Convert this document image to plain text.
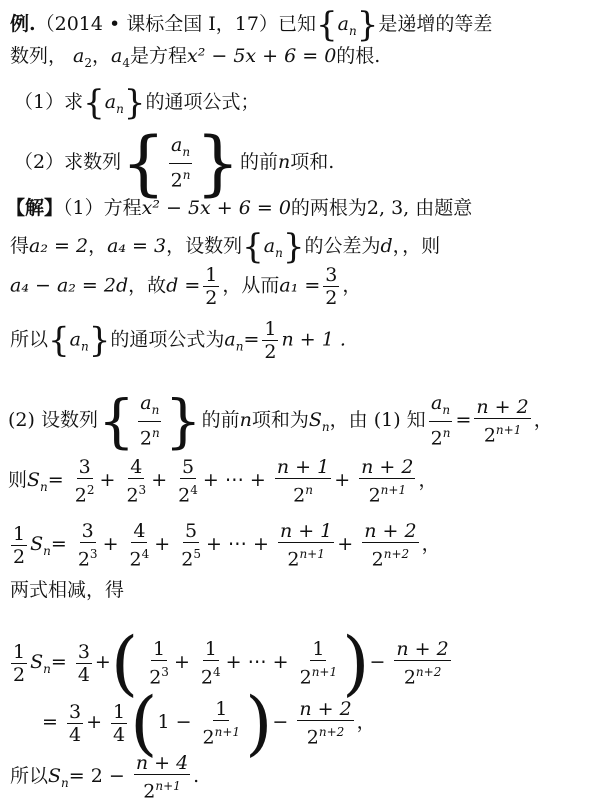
例.（2014 • 课标全国 I，17）已知$\{a_n\}$是递增的等差
数列， $a_2$，$a_4$是方程x² − 5x + 6 = 0的根.
（1）求$\{a_n\}$的通项公式；
（2）求数列{ $\frac{a_n}{2^n}$ }的前n项和.
【解】（1）方程x² − 5x + 6 = 0的两根为2, 3, 由题意
得a₂ = 2，a₄ = 3，设数列$\{a_n\}$的公差为d，，则
a₄ − a₂ = 2d，故$d = \frac{1}{2}$ ，从而$a_1 = \frac{3}{2}$ ，
所以$\{a_n\}$的通项公式为$a_n= \frac{1}{2}$ n + 1 .
(2) 设数列{ $\frac{a_n}{2^n}$ }的前n项和为$S_n$，由 (1) 知 $\frac{a_n}{2^n} = \frac{n + 2}{2^{n+1}}$ ，
则$S_n= \frac{3}{2^2} + \frac{4}{2^3} + \frac{5}{2^4}$ + ⋯ + $\frac{n + 1}{2^n} + \frac{n + 2}{2^{n+1}}$ ，
$\frac{1}{2} S_n= \frac{3}{2^3} + \frac{4}{2^4} + \frac{5}{2^5}$ + ⋯ + $\frac{n + 1}{2^{n+1}} + \frac{n + 2}{2^{n+2}}$ ，
两式相减，得
$\frac{1}{2} S_n= \frac{3}{4}$ +( $\frac{1}{2^3} + \frac{1}{2^4}$ + ⋯ + $\frac{1}{2^{n+1}}$ )− $\frac{n + 2}{2^{n+2}}$
= $\frac{3}{4} + \frac{1}{4} (1 - \frac{1}{2^{n+1}}$ )− $\frac{n + 2}{2^{n+2}}$ ，
所以$S_n= 2 - \frac{n + 4}{2^{n+1}}$ .
